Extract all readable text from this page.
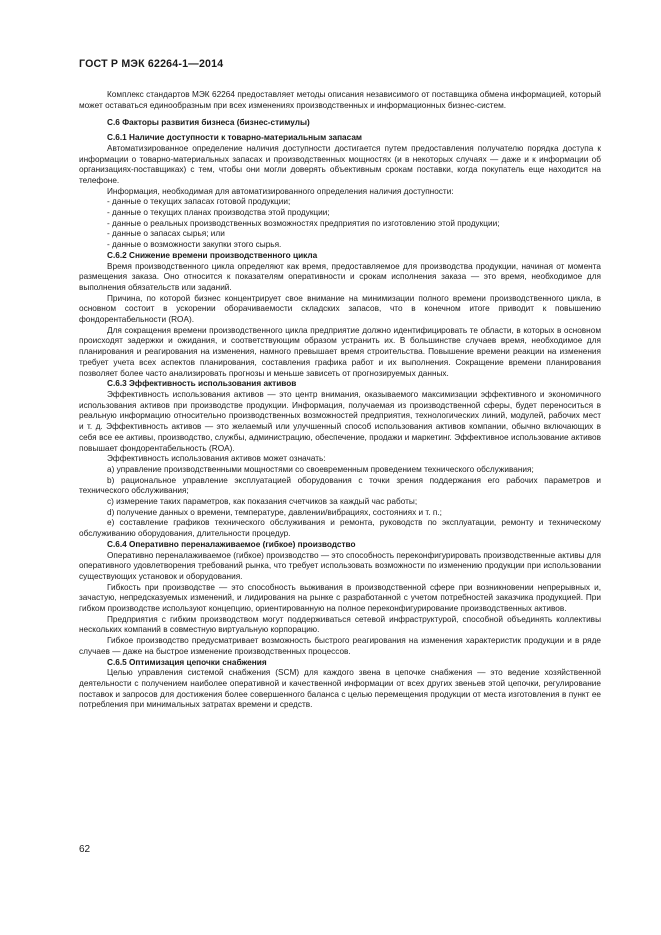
ГОСТ Р МЭК 62264-1—2014

Комплекс стандартов МЭК 62264 предоставляет методы описания независимого от поставщика обмена информацией, который может оставаться единообразным при всех изменениях производственных и информационных бизнес-систем.

С.6 Факторы развития бизнеса (бизнес-стимулы)

С.6.1 Наличие доступности к товарно-материальным запасам

Автоматизированное определение наличия доступности достигается путем предоставления получателю порядка доступа к информации о товарно-материальных запасах и производственных мощностях (и в некоторых случаях — даже и к информации об организациях-поставщиках) с тем, чтобы они могли доверять объективным срокам поставки, когда покупатель еще находится на телефоне.

Информация, необходимая для автоматизированного определения наличия доступности:

- данные о текущих запасах готовой продукции;

- данные о текущих планах производства этой продукции;

- данные о реальных производственных возможностях предприятия по изготовлению этой продукции;

- данные о запасах сырья; или

- данные о возможности закупки этого сырья.

С.6.2 Снижение времени производственного цикла

Время производственного цикла определяют как время, предоставляемое для производства продукции, начиная от момента размещения заказа. Оно относится к показателям оперативности и срокам исполнения заказа — это время, необходимое для выполнения обязательств или заданий.

Причина, по которой бизнес концентрирует свое внимание на минимизации полного времени производственного цикла, в основном состоит в ускорении оборачиваемости складских запасов, что в конечном итоге приводит к повышению фондорентабельности (ROA).

Для сокращения времени производственного цикла предприятие должно идентифицировать те области, в которых в основном происходят задержки и ожидания, и соответствующим образом устранить их. В большинстве случаев время, необходимое для планирования и реагирования на изменения, намного превышает время строительства. Повышение времени реакции на изменения требует учета всех аспектов планирования, составления графика работ и их выполнения. Сокращение времени планирования позволяет более часто анализировать прогнозы и меньше зависеть от прогнозируемых данных.

С.6.3 Эффективность использования активов

Эффективность использования активов — это центр внимания, оказываемого максимизации эффективного и экономичного использования активов при производстве продукции. Информация, получаемая из производственной сферы, будет переноситься в реальную информацию относительно производственных возможностей предприятия, технологических линий, модулей, рабочих мест и т. д. Эффективность активов — это желаемый или улучшенный способ использования активов компании, обычно включающих в себя все ее активы, производство, службы, администрацию, обеспечение, продажи и маркетинг. Эффективное использование активов повышает фондорентабельность (ROA).

Эффективность использования активов может означать:

а) управление производственными мощностями со своевременным проведением технического обслуживания;

b) рациональное управление эксплуатацией оборудования с точки зрения поддержания его рабочих параметров и технического обслуживания;

с) измерение таких параметров, как показания счетчиков за каждый час работы;

d) получение данных о времени, температуре, давлении/вибрациях, состояниях и т. п.;

е) составление графиков технического обслуживания и ремонта, руководств по эксплуатации, ремонту и техническому обслуживанию оборудования, длительности процедур.

С.6.4 Оперативно переналаживаемое (гибкое) производство

Оперативно переналаживаемое (гибкое) производство — это способность переконфигурировать производственные активы для оперативного удовлетворения требований рынка, что требует использовать возможности по изменению продукции при использовании существующих установок и оборудования.

Гибкость при производстве — это способность выживания в производственной сфере при возникновении непрерывных и, зачастую, непредсказуемых изменений, и лидирования на рынке с разработанной с учетом потребностей заказчика продукцией. При гибком производстве используют концепцию, ориентированную на полное переконфигурирование производственных активов.

Предприятия с гибким производством могут поддерживаться сетевой инфраструктурой, способной объединять коллективы нескольких компаний в совместную виртуальную корпорацию.

Гибкое производство предусматривает возможность быстрого реагирования на изменения характеристик продукции и в ряде случаев — даже на быстрое изменение производственных процессов.

С.6.5 Оптимизация цепочки снабжения

Целью управления системой снабжения (SCM) для каждого звена в цепочке снабжения — это ведение хозяйственной деятельности с получением наиболее оперативной и качественной информации от всех других звеньев этой цепочки, регулирование поставок и запросов для достижения более совершенного баланса с целью перемещения продукции от места изготовления в пункт ее потребления при минимальных затратах времени и средств.

62
